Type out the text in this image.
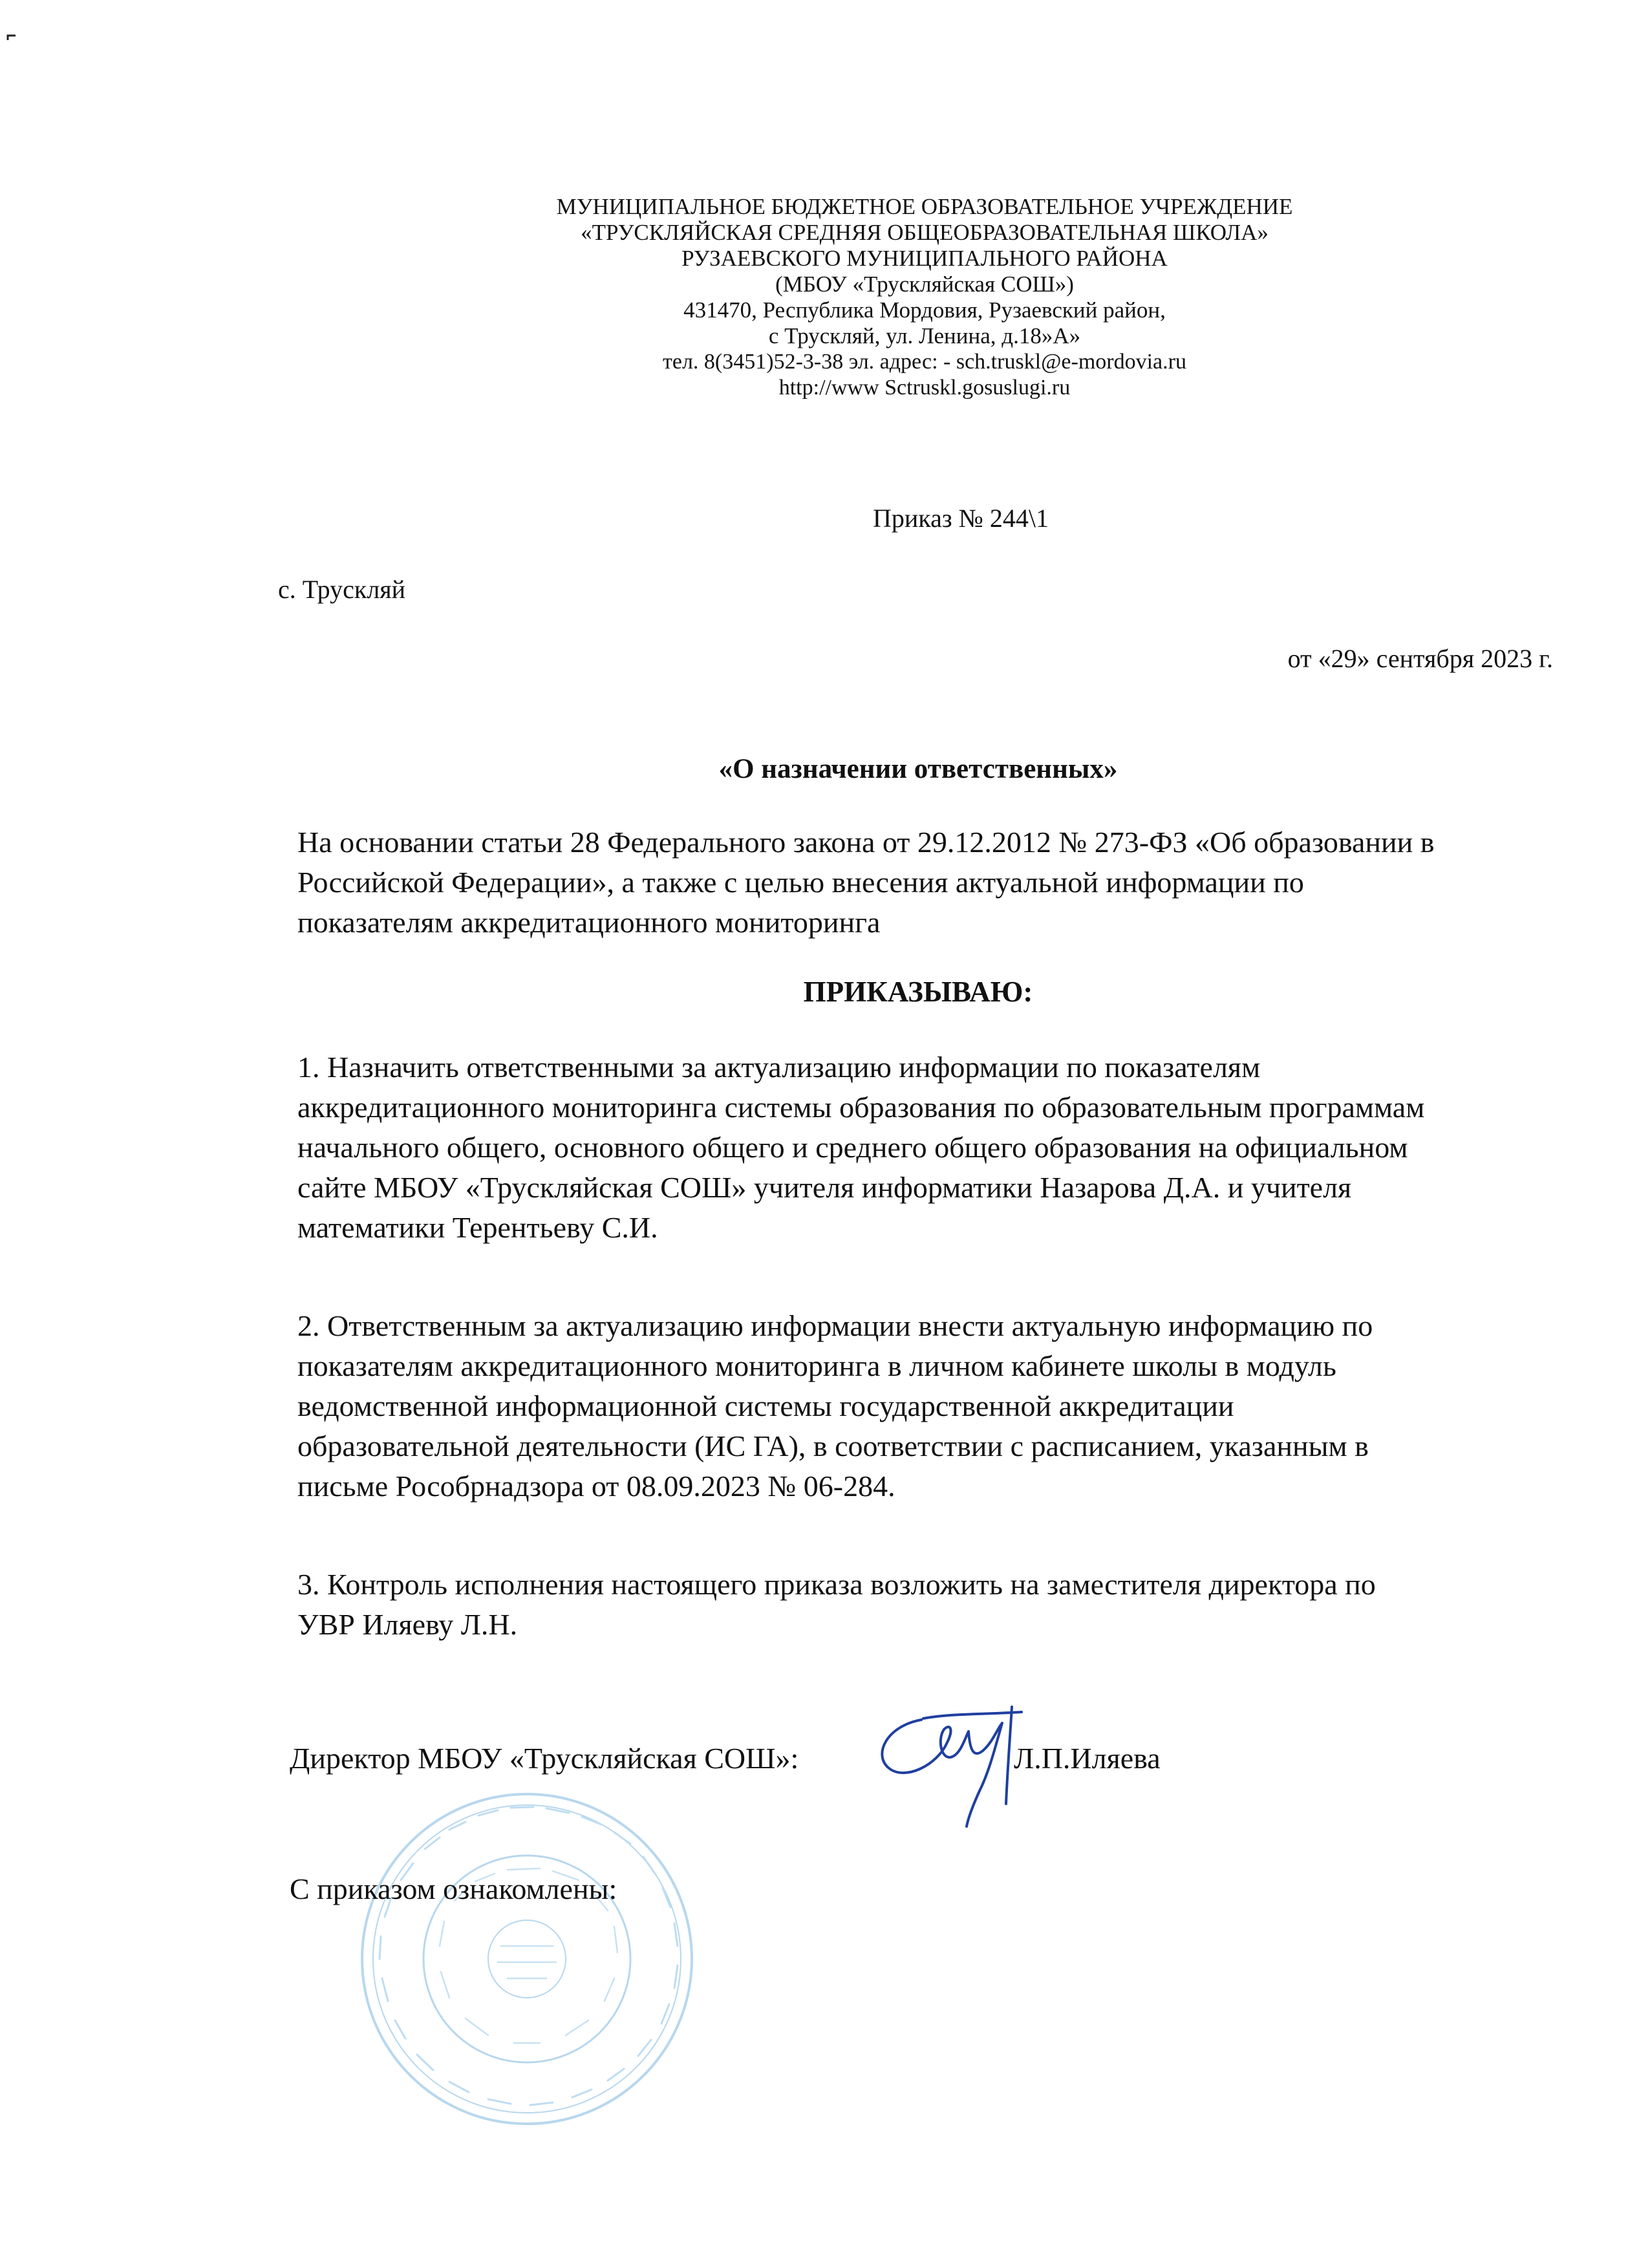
МУНИЦИПАЛЬНОЕ БЮДЖЕТНОЕ ОБРАЗОВАТЕЛЬНОЕ УЧРЕЖДЕНИЕ
«ТРУСКЛЯЙСКАЯ СРЕДНЯЯ ОБЩЕОБРАЗОВАТЕЛЬНАЯ ШКОЛА»
РУЗАЕВСКОГО МУНИЦИПАЛЬНОГО РАЙОНА
(МБОУ «Трускляйская СОШ»)
431470, Республика Мордовия, Рузаевский район,
с Трускляй, ул. Ленина, д.18»А»
тел. 8(3451)52-3-38 эл. адрес: - sch.truskl@e-mordovia.ru
http://www Sctruskl.gosuslugi.ru
Приказ № 244\1
с. Трускляй
от «29» сентября 2023 г.
«О назначении ответственных»
На основании статьи 28 Федерального закона от 29.12.2012 № 273-ФЗ «Об образовании в
Российской Федерации», а также с целью внесения актуальной информации по
показателям аккредитационного мониторинга
ПРИКАЗЫВАЮ:
1. Назначить ответственными за актуализацию информации по показателям
аккредитационного мониторинга системы образования по образовательным программам
начального общего, основного общего и среднего общего образования на официальном
сайте МБОУ «Трускляйская СОШ» учителя информатики Назарова Д.А. и учителя
математики Терентьеву С.И.
2. Ответственным за актуализацию информации внести актуальную информацию по
показателям аккредитационного мониторинга в личном кабинете школы в модуль
ведомственной информационной системы государственной аккредитации
образовательной деятельности (ИС ГА), в соответствии с расписанием, указанным в
письме Рособрнадзора от 08.09.2023 № 06-284.
3. Контроль исполнения настоящего приказа возложить на заместителя директора по
УВР Иляеву Л.Н.
Директор МБОУ «Трускляйская СОШ»:	Л.П.Иляева
С приказом ознакомлены:
